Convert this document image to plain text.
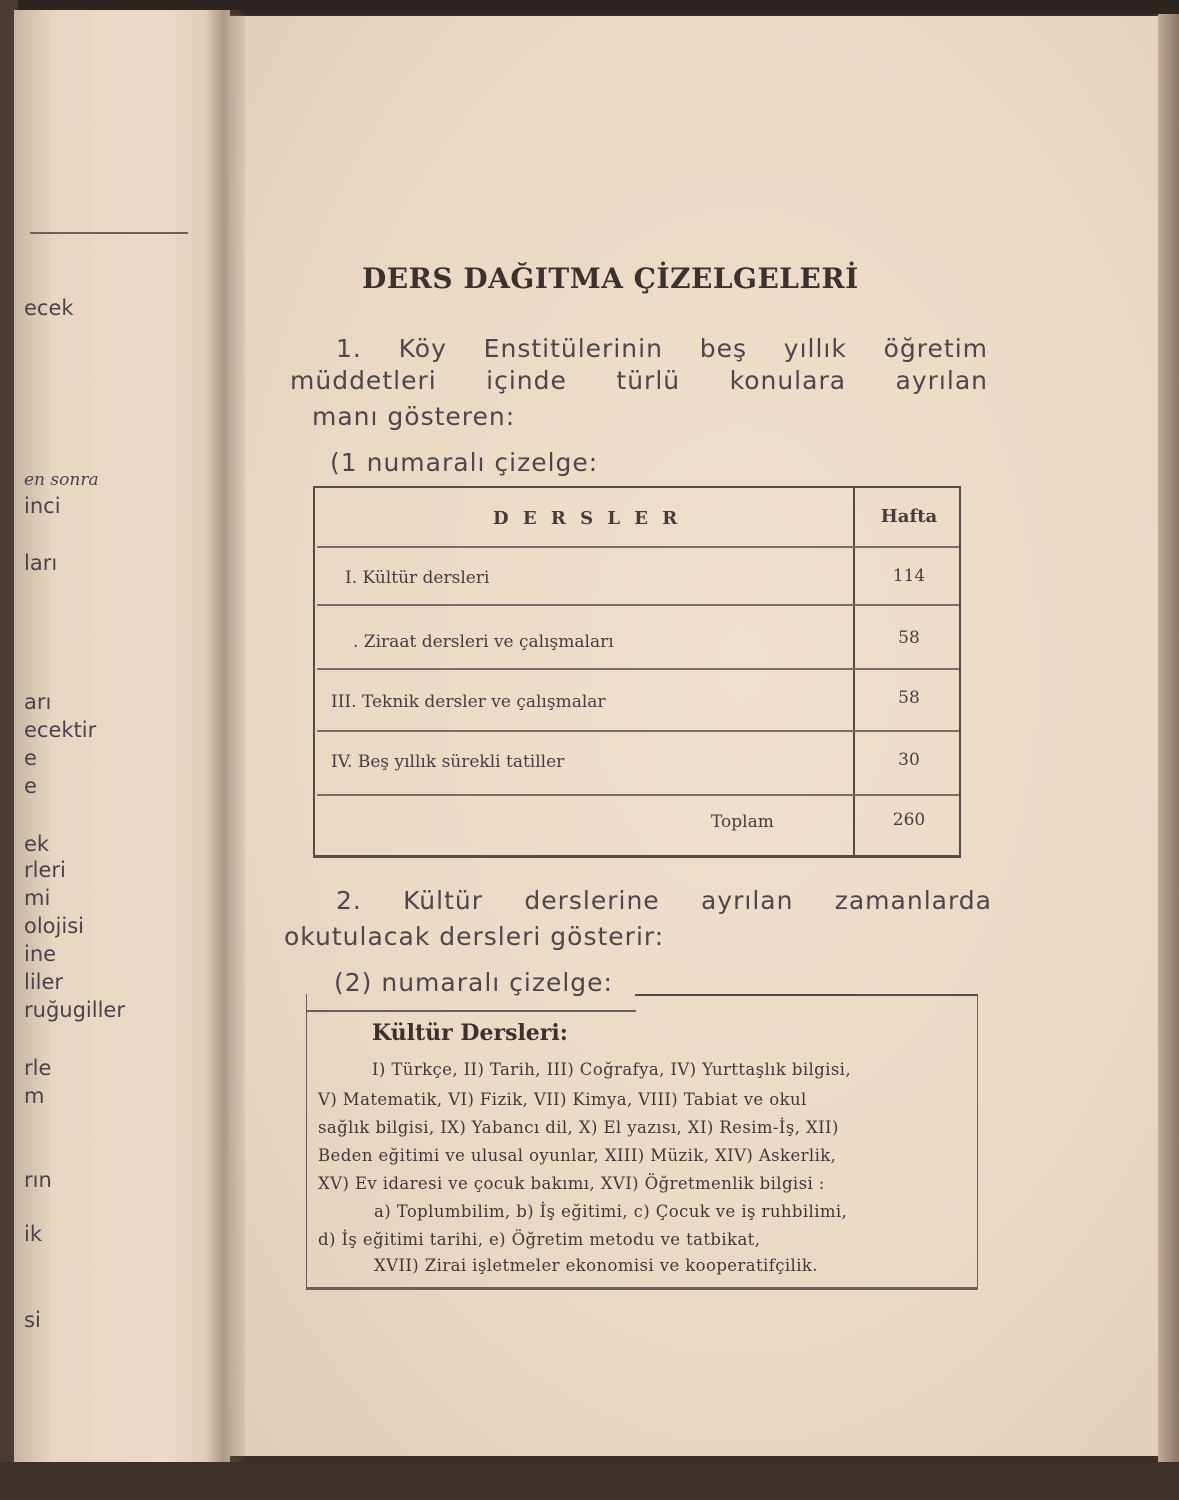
ecek
en sonra
inci
ları
arı
ecektir
e
e
ek
rleri
mi
olojisi
ine
liler
ruğugiller
rle
m
rın
ik
si
DERS DAĞITMA ÇİZELGELERİ
1. Köy Enstitülerinin beş yıllık öğretim
müddetleri içinde türlü konulara ayrılan
manı gösteren:
(1 numaralı çizelge:
D E R S L E R	Hafta
I. Kültür dersleri	114
. Ziraat dersleri ve çalışmaları	58
III. Teknik dersler ve çalışmalar	58
IV. Beş yıllık sürekli tatiller	30
Toplam	260
2. Kültür derslerine ayrılan zamanlarda
okutulacak dersleri gösterir:
(2) numaralı çizelge:
Kültür Dersleri:
I) Türkçe, II) Tarih, III) Coğrafya, IV) Yurttaşlık bilgisi,
V) Matematik, VI) Fizik, VII) Kimya, VIII) Tabiat ve okul
sağlık bilgisi, IX) Yabancı dil, X) El yazısı, XI) Resim-İş, XII)
Beden eğitimi ve ulusal oyunlar, XIII) Müzik, XIV) Askerlik,
XV) Ev idaresi ve çocuk bakımı, XVI) Öğretmenlik bilgisi :
a) Toplumbilim, b) İş eğitimi, c) Çocuk ve iş ruhbilimi,
d) İş eğitimi tarihi, e) Öğretim metodu ve tatbikat,
XVII) Zirai işletmeler ekonomisi ve kooperatifçilik.
